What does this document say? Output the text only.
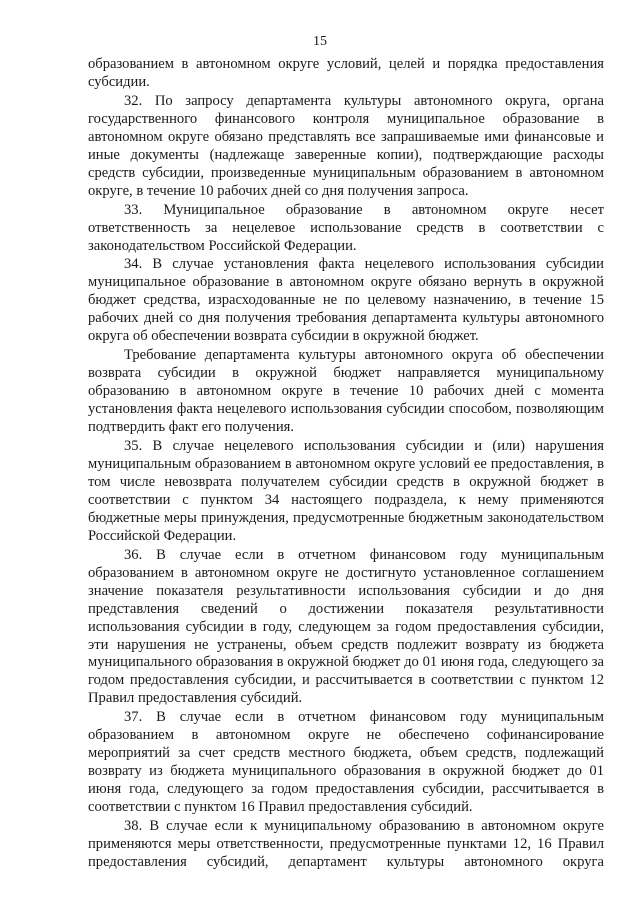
15

образованием в автономном округе условий, целей и порядка предоставления субсидии.

32. По запросу департамента культуры автономного округа, органа государственного финансового контроля муниципальное образование в автономном округе обязано представлять все запрашиваемые ими финансовые и иные документы (надлежаще заверенные копии), подтверждающие расходы средств субсидии, произведенные муниципальным образованием в автономном округе, в течение 10 рабочих дней со дня получения запроса.

33. Муниципальное образование в автономном округе несет ответственность за нецелевое использование средств в соответствии с законодательством Российской Федерации.

34. В случае установления факта нецелевого использования субсидии муниципальное образование в автономном округе обязано вернуть в окружной бюджет средства, израсходованные не по целевому назначению, в течение 15 рабочих дней со дня получения требования департамента культуры автономного округа об обеспечении возврата субсидии в окружной бюджет.

Требование департамента культуры автономного округа об обеспечении возврата субсидии в окружной бюджет направляется муниципальному образованию в автономном округе в течение 10 рабочих дней с момента установления факта нецелевого использования субсидии способом, позволяющим подтвердить факт его получения.

35. В случае нецелевого использования субсидии и (или) нарушения муниципальным образованием в автономном округе условий ее предоставления, в том числе невозврата получателем субсидии средств в окружной бюджет в соответствии с пунктом 34 настоящего подраздела, к нему применяются бюджетные меры принуждения, предусмотренные бюджетным законодательством Российской Федерации.

36. В случае если в отчетном финансовом году муниципальным образованием в автономном округе не достигнуто установленное соглашением значение показателя результативности использования субсидии и до дня представления сведений о достижении показателя результативности использования субсидии в году, следующем за годом предоставления субсидии, эти нарушения не устранены, объем средств подлежит возврату из бюджета муниципального образования в окружной бюджет до 01 июня года, следующего за годом предоставления субсидии, и рассчитывается в соответствии с пунктом 12 Правил предоставления субсидий.

37. В случае если в отчетном финансовом году муниципальным образованием в автономном округе не обеспечено софинансирование мероприятий за счет средств местного бюджета, объем средств, подлежащий возврату из бюджета муниципального образования в окружной бюджет до 01 июня года, следующего за годом предоставления субсидии, рассчитывается в соответствии с пунктом 16 Правил предоставления субсидий.

38. В случае если к муниципальному образованию в автономном округе применяются меры ответственности, предусмотренные пунктами 12, 16 Правил предоставления субсидий, департамент культуры автономного округа
